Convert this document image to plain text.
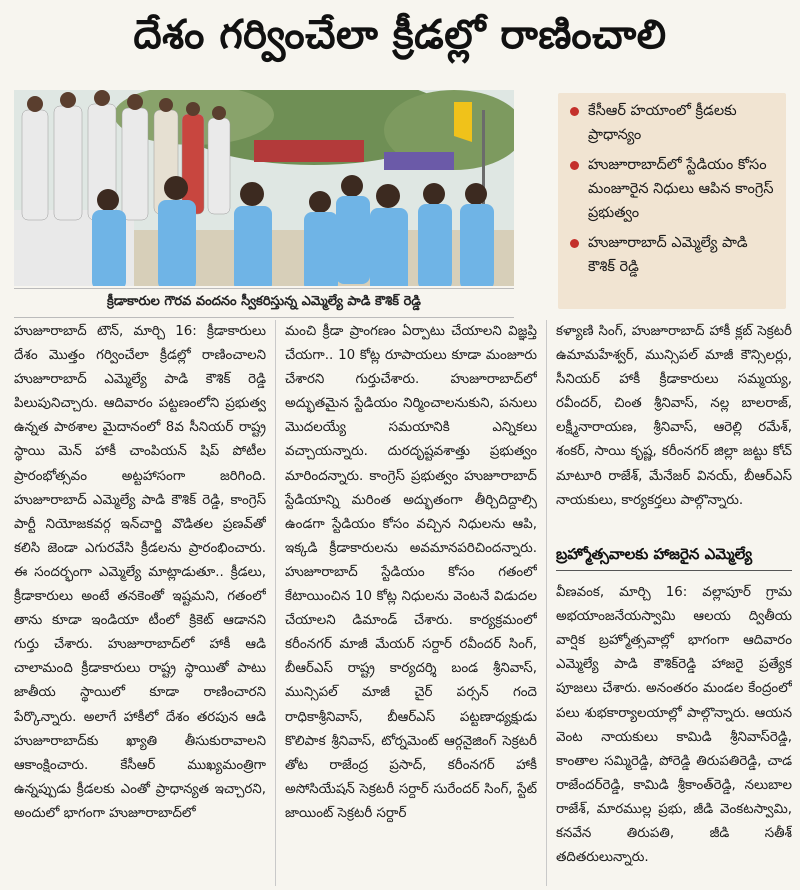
దేశం గర్వించేలా క్రీడల్లో రాణించాలి
క్రీడాకారుల గౌరవ వందనం స్వీకరిస్తున్న ఎమ్మెల్యే పాడి కౌశిక్ రెడ్డి
కేసీఆర్ హయాంలో క్రీడలకు ప్రాధాన్యం
హుజూరాబాద్‌లో స్టేడియం కోసం మంజూరైన నిధులు ఆపిన కాంగ్రెస్ ప్రభుత్వం
హుజూరాబాద్ ఎమ్మెల్యే పాడి కౌశిక్ రెడ్డి

హుజూరాబాద్ టౌన్, మార్చి 16: క్రీడాకారులు దేశం మొత్తం గర్వించేలా క్రీడల్లో రాణించాలని హుజూరాబాద్ ఎమ్మెల్యే పాడి కౌశిక్ రెడ్డి పిలుపునిచ్చారు. ఆదివారం పట్టణంలోని ప్రభుత్వ ఉన్నత పాఠశాల మైదానంలో 8వ సీనియర్ రాష్ట్ర స్థాయి మెన్ హాకీ చాంపియన్ షిప్ పోటీల ప్రారంభోత్సవం అట్టహాసంగా జరిగింది. హుజూరాబాద్ ఎమ్మెల్యే పాడి కౌశిక్ రెడ్డి, కాంగ్రెస్ పార్టీ నియోజకవర్గ ఇన్‌చార్జి వొడితల ప్రణవ్‌తో కలిసి జెండా ఎగురవేసి క్రీడలను ప్రారంభించారు. ఈ సందర్భంగా ఎమ్మెల్యే మాట్లాడుతూ.. క్రీడలు, క్రీడాకారులు అంటే తనకెంతో ఇష్టమని, గతంలో తాను కూడా ఇండియా టీంలో క్రికెట్ ఆడానని గుర్తు చేశారు. హుజూరాబాద్‌లో హాకీ ఆడి చాలామంది క్రీడాకారులు రాష్ట్ర స్థాయితో పాటు జాతీయ స్థాయిలో కూడా రాణించారని పేర్కొన్నారు. అలాగే హాకీలో దేశం తరపున ఆడి హుజూరాబాద్‌కు ఖ్యాతి తీసుకురావాలని ఆకాంక్షించారు. కేసీఆర్ ముఖ్యమంత్రిగా ఉన్నప్పుడు క్రీడలకు ఎంతో ప్రాధాన్యత ఇచ్చారని, అందులో భాగంగా హుజూరాబాద్‌లో

మంచి క్రీడా ప్రాంగణం ఏర్పాటు చేయాలని విజ్ఞప్తి చేయగా.. 10 కోట్ల రూపాయలు కూడా మంజూరు చేశారని గుర్తుచేశారు. హుజూరాబాద్‌లో అద్భుతమైన స్టేడియం నిర్మించాలనుకుని, పనులు మొదలయ్యే సమయానికి ఎన్నికలు వచ్చాయన్నారు. దురదృష్టవశాత్తు ప్రభుత్వం మారిందన్నారు. కాంగ్రెస్ ప్రభుత్వం హుజూరాబాద్ స్టేడియాన్ని మరింత అద్భుతంగా తీర్చిదిద్దాల్సి ఉండగా స్టేడియం కోసం వచ్చిన నిధులను ఆపి, ఇక్కడి క్రీడాకారులను అవమానపరిచిందన్నారు. హుజూరాబాద్ స్టేడియం కోసం గతంలో కేటాయించిన 10 కోట్ల నిధులను వెంటనే విడుదల చేయాలని డిమాండ్ చేశారు. కార్యక్రమంలో కరీంనగర్ మాజీ మేయర్ సర్దార్ రవీందర్ సింగ్, బీఆర్ఎస్ రాష్ట్ర కార్యదర్శి బండ శ్రీనివాస్, మున్సిపల్ మాజీ చైర్ పర్సన్ గందె రాధికాశ్రీనివాస్, బీఆర్ఎస్ పట్టణాధ్యక్షుడు కొలిపాక శ్రీనివాస్, టోర్నమెంట్ ఆర్గనైజింగ్ సెక్రటరీ తోట రాజేంద్ర ప్రసాద్, కరీంనగర్ హాకీ అసోసియేషన్ సెక్రటరీ సర్దార్ సురేందర్ సింగ్, స్టేట్ జాయింట్ సెక్రటరీ సర్దార్

కళ్యాణి సింగ్, హుజూరాబాద్ హాకీ క్లబ్ సెక్రటరీ ఉమామహేశ్వర్, మున్సిపల్ మాజీ కౌన్సిలర్లు, సీనియర్ హాకీ క్రీడాకారులు సమ్మయ్య, రవీందర్, చింత శ్రీనివాస్, నల్ల బాలరాజ్, లక్ష్మీనారాయణ, శ్రీనివాస్, ఆరెల్లి రమేశ్, శంకర్, సాయి కృష్ణ, కరీంనగర్ జిల్లా జట్టు కోచ్ మాటూరి రాజేశ్, మేనేజర్ వినయ్, బీఆర్ఎస్ నాయకులు, కార్యకర్తలు పాల్గొన్నారు.

బ్రహ్మోత్సవాలకు హాజరైన ఎమ్మెల్యే

వీణవంక, మార్చి 16: వల్లాపూర్ గ్రామ అభయాంజనేయస్వామి ఆలయ ద్వితీయ వార్షిక బ్రహ్మోత్సవాల్లో భాగంగా ఆదివారం ఎమ్మెల్యే పాడి కౌశిక్‌రెడ్డి హాజరై ప్రత్యేక పూజలు చేశారు. అనంతరం మండల కేంద్రంలో పలు శుభకార్యాలయాల్లో పాల్గొన్నారు. ఆయన వెంట నాయకులు కామిడి శ్రీనివాస్‌రెడ్డి, కాంతాల సమ్మిరెడ్డి, పోరెడ్డి తిరుపతిరెడ్డి, చాడ రాజేందర్‌రెడ్డి, కామిడి శ్రీకాంత్‌రెడ్డి, నలుబాల రాజేశ్, మారముల్ల ప్రభు, జీడి వెంకటస్వామి, కనవేన తిరుపతి, జీడి సతీశ్ తదితరులున్నారు.
